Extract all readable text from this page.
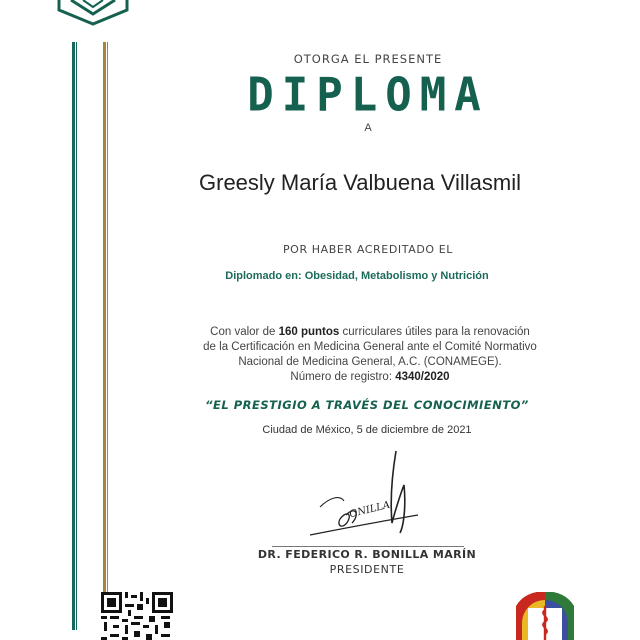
OTORGA EL PRESENTE
DIPLOMA
A
Greesly María Valbuena Villasmil
POR HABER ACREDITADO EL
Diplomado en: Obesidad, Metabolismo y Nutrición
Con valor de 160 puntos curriculares útiles para la renovación
de la Certificación en Medicina General ante el Comité Normativo
Nacional de Medicina General, A.C. (CONAMEGE).
Número de registro: 4340/2020
“EL PRESTIGIO A TRAVÉS DEL CONOCIMIENTO”
Ciudad de México, 5 de diciembre de 2021
ONILLA
DR. FEDERICO R. BONILLA MARÍN
PRESIDENTE
